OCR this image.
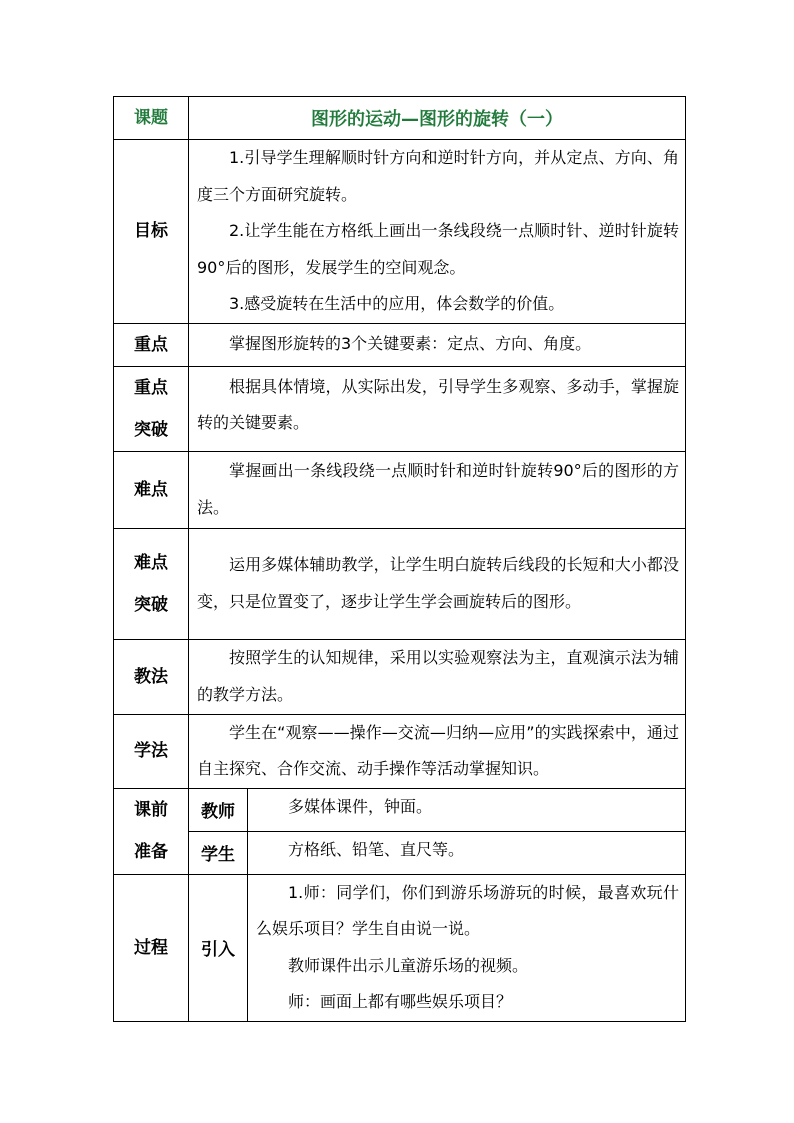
课题	图形的运动—图形的旋转（一）	
目标	1.引导学生理解顺时针方向和逆时针方向，并从定点、方向、角度三个方面研究旋转。

2.让学生能在方格纸上画出一条线段绕一点顺时针、逆时针旋转90°后的图形，发展学生的空间观念。

3.感受旋转在生活中的应用，体会数学的价值。	

重点	掌握图形旋转的3个关键要素：定点、方向、角度。	

重点
突破	根据具体情境，从实际出发，引导学生多观察、多动手，掌握旋转的关键要素。	

难点	掌握画出一条线段绕一点顺时针和逆时针旋转90°后的图形的方法。	

难点
突破	运用多媒体辅助教学，让学生明白旋转后线段的长短和大小都没变，只是位置变了，逐步让学生学会画旋转后的图形。	

教法	按照学生的认知规律，采用以实验观察法为主，直观演示法为辅的教学方法。	

学法	学生在“观察——操作—交流—归纳—应用”的实践探索中，通过自主探究、合作交流、动手操作等活动掌握知识。	

课前
准备	教师	多媒体课件，钟面。

	学生	方格纸、铅笔、直尺等。

过程	引入	1.师：同学们，你们到游乐场游玩的时候，最喜欢玩什么娱乐项目？学生自由说一说。

教师课件出示儿童游乐场的视频。

师：画面上都有哪些娱乐项目？
